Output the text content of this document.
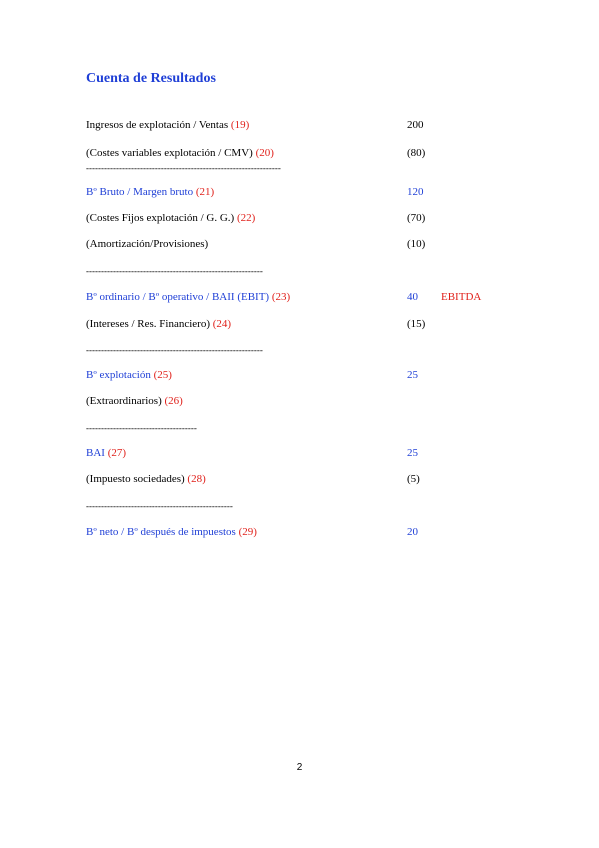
Cuenta de Resultados
Ingresos de explotación / Ventas (19)	200
(Costes variables explotación / CMV) (20)	(80)
-----------------------------------------------------------------
Bº Bruto / Margen bruto (21)	120
(Costes Fijos explotación / G. G.) (22)	(70)
(Amortización/Provisiones)	(10)
-----------------------------------------------------------
Bº ordinario / Bº operativo / BAII (EBIT) (23)	40 EBITDA
(Intereses / Res. Financiero) (24)	(15)
-----------------------------------------------------------
Bº explotación (25)	25
(Extraordinarios) (26)
-------------------------------------
BAI (27)	25
(Impuesto sociedades) (28)	(5)
-------------------------------------------------
Bº neto / Bº después de impuestos (29)	20
2
